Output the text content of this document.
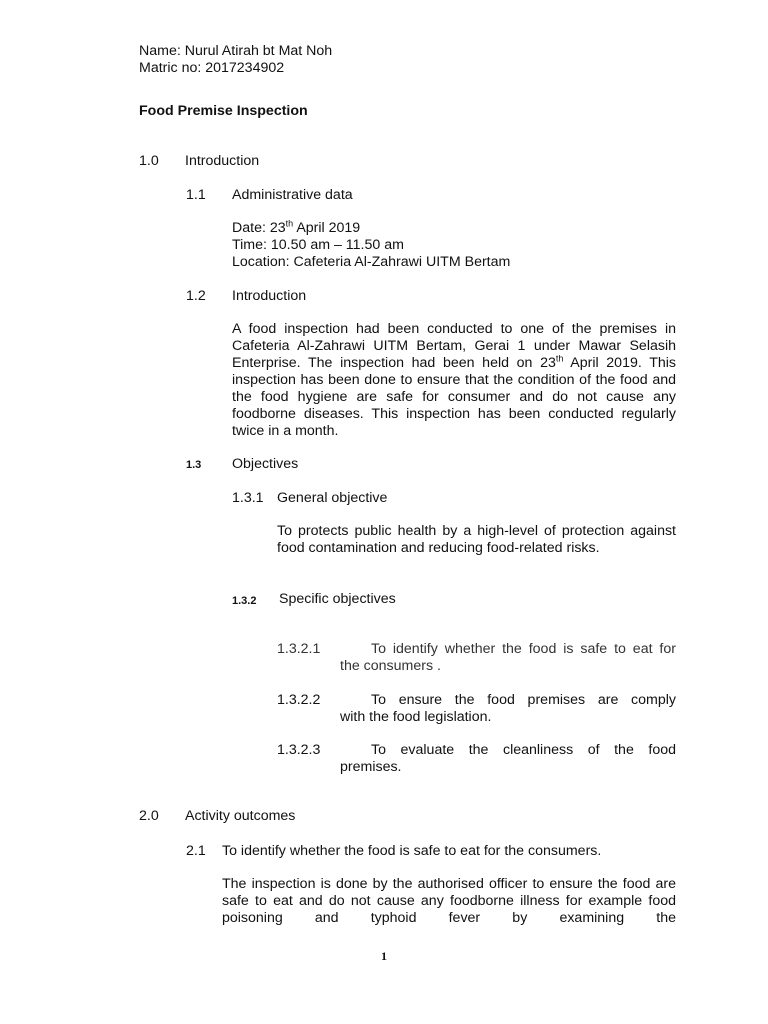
Name: Nurul Atirah bt Mat Noh
Matric no: 2017234902
Food Premise Inspection
1.0 Introduction
1.1 Administrative data
Date: 23th April 2019
Time: 10.50 am – 11.50 am
Location: Cafeteria Al-Zahrawi UITM Bertam
1.2 Introduction
A food inspection had been conducted to one of the premises in Cafeteria Al-Zahrawi UITM Bertam, Gerai 1 under Mawar Selasih Enterprise. The inspection had been held on 23th April 2019. This inspection has been done to ensure that the condition of the food and the food hygiene are safe for consumer and do not cause any foodborne diseases. This inspection has been conducted regularly twice in a month.
1.3 Objectives
1.3.1 General objective
To protects public health by a high-level of protection against food contamination and reducing food-related risks.
1.3.2 Specific objectives
1.3.2.1	To identify whether the food is safe to eat for
the consumers .
1.3.2.2	To ensure the food premises are comply
with the food legislation.
1.3.2.3	To evaluate the cleanliness of the food
premises.
2.0 Activity outcomes
2.1 To identify whether the food is safe to eat for the consumers.
The inspection is done by the authorised officer to ensure the food are safe to eat and do not cause any foodborne illness for example food poisoning and typhoid fever by examining the
1
